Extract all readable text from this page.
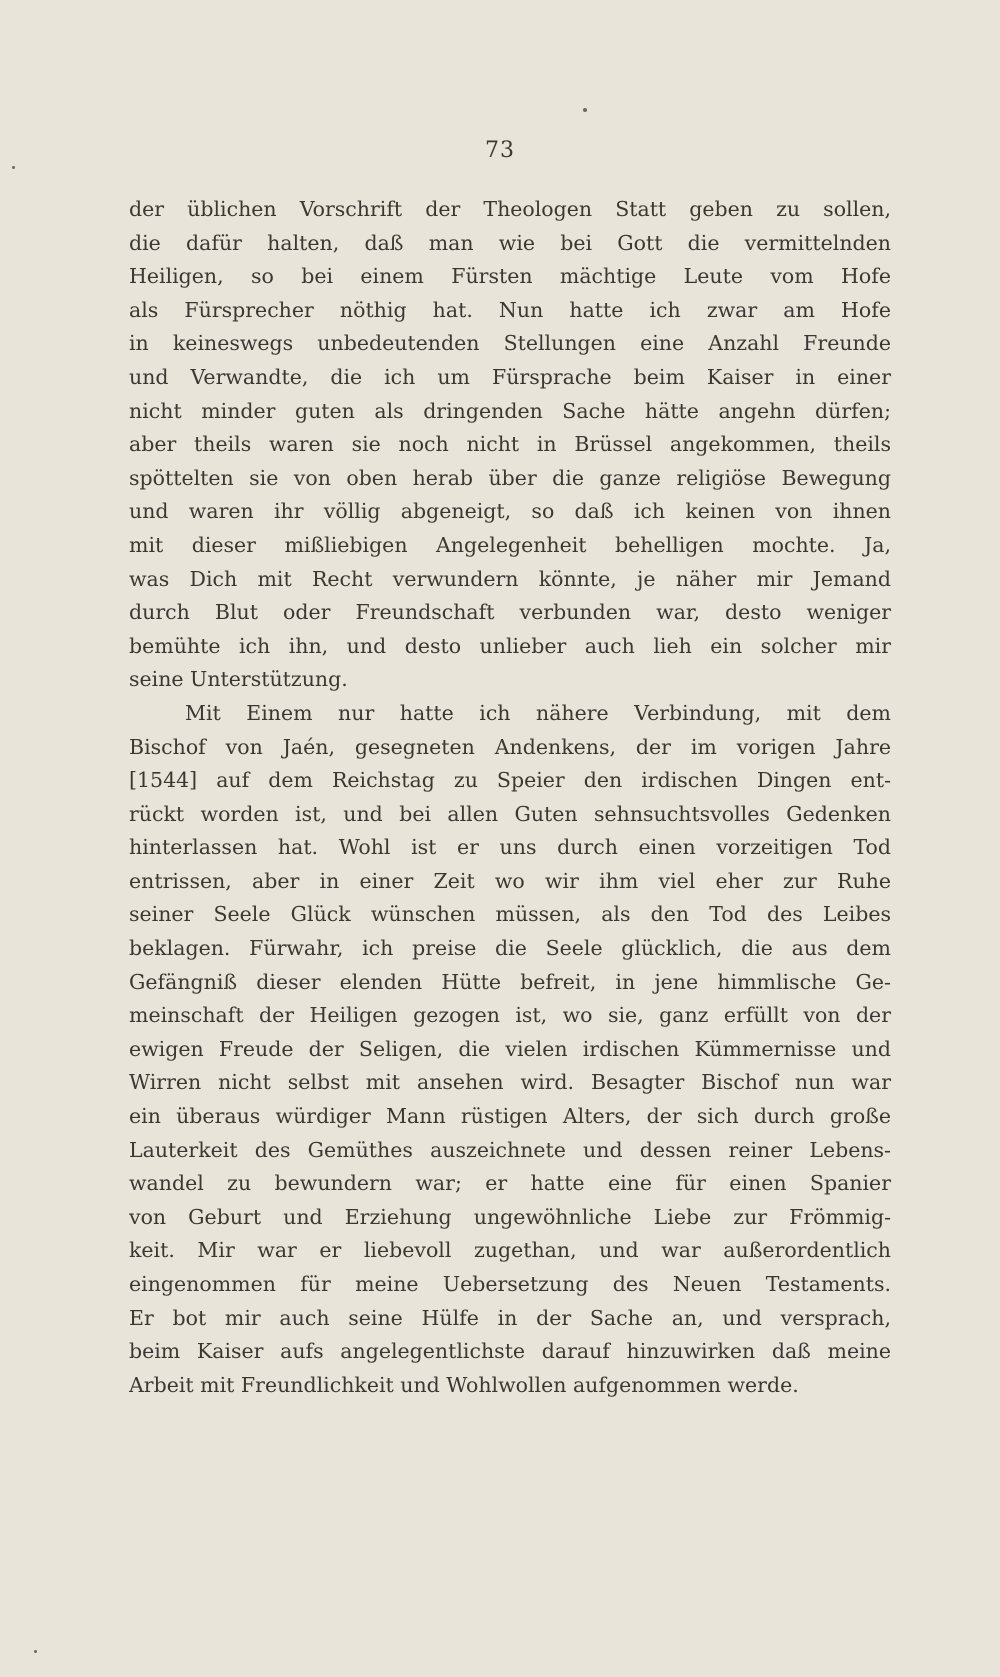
73
der üblichen Vorschrift der Theologen Statt geben zu sollen,
die dafür halten, daß man wie bei Gott die vermittelnden
Heiligen, so bei einem Fürsten mächtige Leute vom Hofe
als Fürsprecher nöthig hat. Nun hatte ich zwar am Hofe
in keineswegs unbedeutenden Stellungen eine Anzahl Freunde
und Verwandte, die ich um Fürsprache beim Kaiser in einer
nicht minder guten als dringenden Sache hätte angehn dürfen;
aber theils waren sie noch nicht in Brüssel angekommen, theils
spöttelten sie von oben herab über die ganze religiöse Bewegung
und waren ihr völlig abgeneigt, so daß ich keinen von ihnen
mit dieser mißliebigen Angelegenheit behelligen mochte. Ja,
was Dich mit Recht verwundern könnte, je näher mir Jemand
durch Blut oder Freundschaft verbunden war, desto weniger
bemühte ich ihn, und desto unlieber auch lieh ein solcher mir
seine Unterstützung.
Mit Einem nur hatte ich nähere Verbindung, mit dem
Bischof von Jaén, gesegneten Andenkens, der im vorigen Jahre
[1544] auf dem Reichstag zu Speier den irdischen Dingen ent-
rückt worden ist, und bei allen Guten sehnsuchtsvolles Gedenken
hinterlassen hat. Wohl ist er uns durch einen vorzeitigen Tod
entrissen, aber in einer Zeit wo wir ihm viel eher zur Ruhe
seiner Seele Glück wünschen müssen, als den Tod des Leibes
beklagen. Fürwahr, ich preise die Seele glücklich, die aus dem
Gefängniß dieser elenden Hütte befreit, in jene himmlische Ge-
meinschaft der Heiligen gezogen ist, wo sie, ganz erfüllt von der
ewigen Freude der Seligen, die vielen irdischen Kümmernisse und
Wirren nicht selbst mit ansehen wird. Besagter Bischof nun war
ein überaus würdiger Mann rüstigen Alters, der sich durch große
Lauterkeit des Gemüthes auszeichnete und dessen reiner Lebens-
wandel zu bewundern war; er hatte eine für einen Spanier
von Geburt und Erziehung ungewöhnliche Liebe zur Frömmig-
keit. Mir war er liebevoll zugethan, und war außerordentlich
eingenommen für meine Uebersetzung des Neuen Testaments.
Er bot mir auch seine Hülfe in der Sache an, und versprach,
beim Kaiser aufs angelegentlichste darauf hinzuwirken daß meine
Arbeit mit Freundlichkeit und Wohlwollen aufgenommen werde.
